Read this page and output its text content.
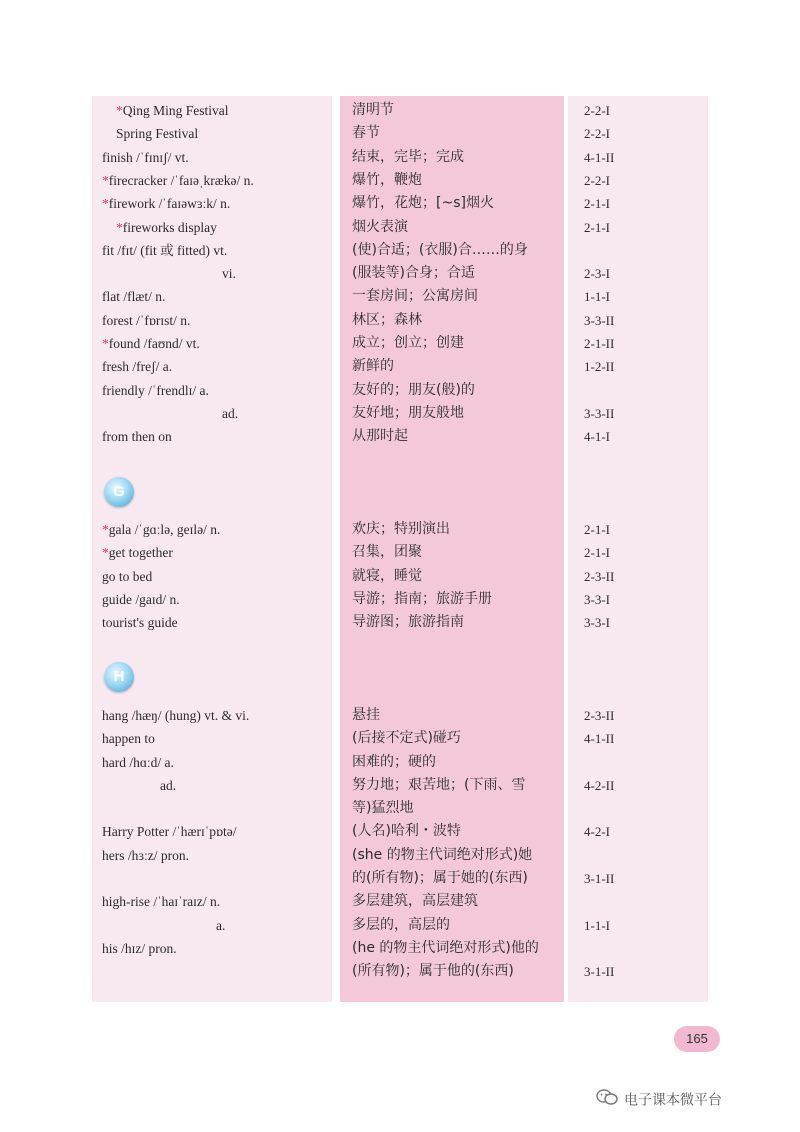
*Qing Ming Festival	清明节	2-2-I
Spring Festival	春节	2-2-I
finish /ˈfɪnɪʃ/ vt.	结束，完毕；完成	4-1-II
*firecracker /ˈfaɪəˌkrækə/ n.	爆竹，鞭炮	2-2-I
*firework /ˈfaɪəwɜːk/ n.	爆竹，花炮；[~s]烟火	2-1-I
*fireworks display	烟火表演	2-1-I
fit /fɪt/ (fit 或 fitted) vt.	(使)合适；(衣服)合……的身
vi.	(服装等)合身；合适	2-3-I
flat /flæt/ n.	一套房间；公寓房间	1-1-I
forest /ˈfɒrɪst/ n.	林区；森林	3-3-II
*found /faʊnd/ vt.	成立；创立；创建	2-1-II
fresh /freʃ/ a.	新鲜的	1-2-II
friendly /ˈfrendlɪ/ a.	友好的；朋友(般)的
ad.	友好地；朋友般地	3-3-II
from then on	从那时起	4-1-I
G
*gala /ˈgɑːlə, geɪlə/ n.	欢庆；特别演出	2-1-I
*get together	召集，团聚	2-1-I
go to bed	就寝，睡觉	2-3-II
guide /gaɪd/ n.	导游；指南；旅游手册	3-3-I
tourist's guide	导游图；旅游指南	3-3-I
H
hang /hæŋ/ (hung) vt. & vi.	悬挂	2-3-II
happen to	(后接不定式)碰巧	4-1-II
hard /hɑːd/ a.	困难的；硬的
ad.	努力地；艰苦地；(下雨、雪	4-2-II
等)猛烈地
Harry Potter /ˈhærɪˈpɒtə/	(人名)哈利・波特	4-2-I
hers /hɜːz/ pron.	(she 的物主代词绝对形式)她
的(所有物)；属于她的(东西)	3-1-II
high-rise /ˈhaɪˈraɪz/ n.	多层建筑，高层建筑
a.	多层的，高层的	1-1-I
his /hɪz/ pron.	(he 的物主代词绝对形式)他的
(所有物)；属于他的(东西)	3-1-II
165
电子课本微平台
